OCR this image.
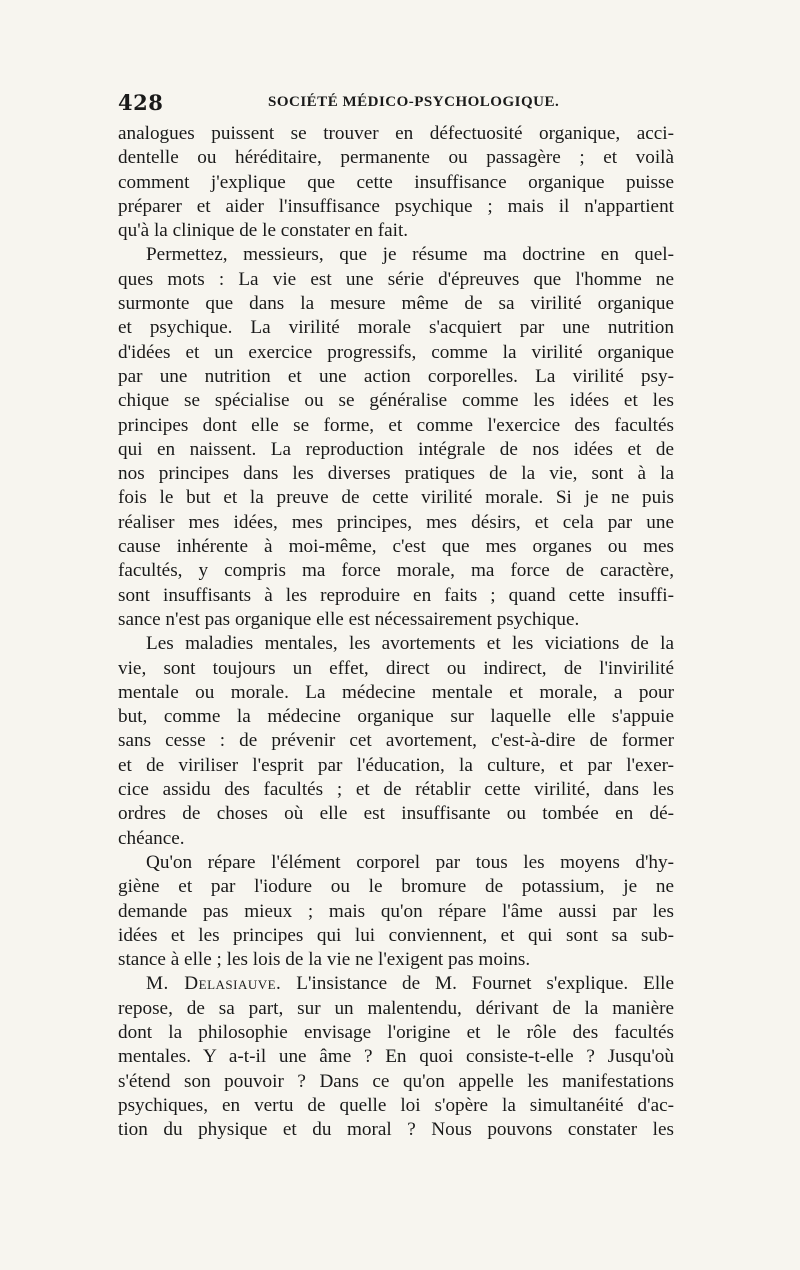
428	SOCIÉTÉ MÉDICO-PSYCHOLOGIQUE.
analogues puissent se trouver en défectuosité organique, acci-
dentelle ou héréditaire, permanente ou passagère ; et voilà
comment j'explique que cette insuffisance organique puisse
préparer et aider l'insuffisance psychique ; mais il n'appartient
qu'à la clinique de le constater en fait.
Permettez, messieurs, que je résume ma doctrine en quel-
ques mots : La vie est une série d'épreuves que l'homme ne
surmonte que dans la mesure même de sa virilité organique
et psychique. La virilité morale s'acquiert par une nutrition
d'idées et un exercice progressifs, comme la virilité organique
par une nutrition et une action corporelles. La virilité psy-
chique se spécialise ou se généralise comme les idées et les
principes dont elle se forme, et comme l'exercice des facultés
qui en naissent. La reproduction intégrale de nos idées et de
nos principes dans les diverses pratiques de la vie, sont à la
fois le but et la preuve de cette virilité morale. Si je ne puis
réaliser mes idées, mes principes, mes désirs, et cela par une
cause inhérente à moi-même, c'est que mes organes ou mes
facultés, y compris ma force morale, ma force de caractère,
sont insuffisants à les reproduire en faits ; quand cette insuffi-
sance n'est pas organique elle est nécessairement psychique.
Les maladies mentales, les avortements et les viciations de la
vie, sont toujours un effet, direct ou indirect, de l'invirilité
mentale ou morale. La médecine mentale et morale, a pour
but, comme la médecine organique sur laquelle elle s'appuie
sans cesse : de prévenir cet avortement, c'est-à-dire de former
et de viriliser l'esprit par l'éducation, la culture, et par l'exer-
cice assidu des facultés ; et de rétablir cette virilité, dans les
ordres de choses où elle est insuffisante ou tombée en dé-
chéance.
Qu'on répare l'élément corporel par tous les moyens d'hy-
giène et par l'iodure ou le bromure de potassium, je ne
demande pas mieux ; mais qu'on répare l'âme aussi par les
idées et les principes qui lui conviennent, et qui sont sa sub-
stance à elle ; les lois de la vie ne l'exigent pas moins.
M. Delasiauve. L'insistance de M. Fournet s'explique. Elle
repose, de sa part, sur un malentendu, dérivant de la manière
dont la philosophie envisage l'origine et le rôle des facultés
mentales. Y a-t-il une âme ? En quoi consiste-t-elle ? Jusqu'où
s'étend son pouvoir ? Dans ce qu'on appelle les manifestations
psychiques, en vertu de quelle loi s'opère la simultanéité d'ac-
tion du physique et du moral ? Nous pouvons constater les
